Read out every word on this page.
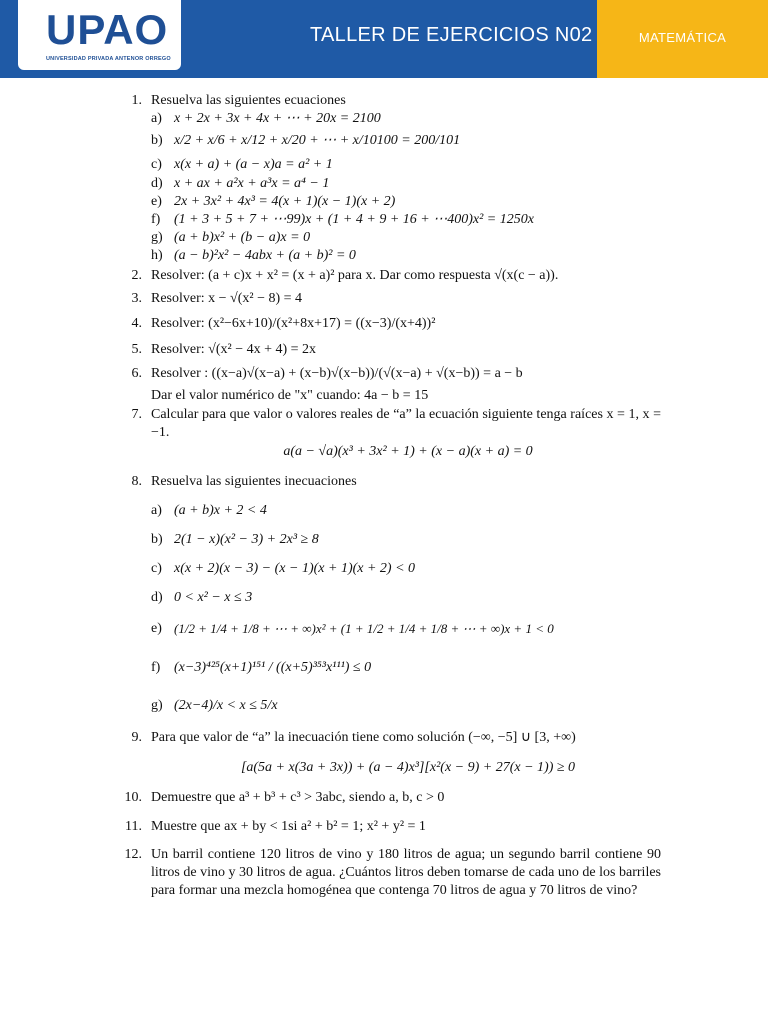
UPAO
UNIVERSIDAD PRIVADA ANTENOR ORREGO
TALLER DE EJERCICIOS N02	MATEMÁTICA
1. Resuelva las siguientes ecuaciones
a) x + 2x + 3x + 4x + ⋯ + 20x = 2100
b) x/2 + x/6 + x/12 + x/20 + ⋯ + x/10100 = 200/101
c) x(x + a) + (a − x)a = a² + 1
d) x + ax + a²x + a³x = a⁴ − 1
e) 2x + 3x² + 4x³ = 4(x + 1)(x − 1)(x + 2)
f) (1 + 3 + 5 + 7 + ⋯99)x + (1 + 4 + 9 + 16 + ⋯400)x² = 1250x
g) (a + b)x² + (b − a)x = 0
h) (a − b)²x² − 4abx + (a + b)² = 0
2. Resolver: (a + c)x + x² = (x + a)² para x. Dar como respuesta √(x(c − a)).
3. Resolver: x − √(x² − 8) = 4
4. Resolver: (x²−6x+10)/(x²+8x+17) = ((x−3)/(x+4))²
5. Resolver: √(x² − 4x + 4) = 2x
6. Resolver : ((x−a)√(x−a) + (x−b)√(x−b))/(√(x−a) + √(x−b)) = a − b
Dar el valor numérico de "x" cuando: 4a − b = 15
7. Calcular para que valor o valores reales de “a” la ecuación siguiente tenga raíces x = 1, x = −1.
a(a − √a)(x³ + 3x² + 1) + (x − a)(x + a) = 0
8. Resuelva las siguientes inecuaciones
a) (a + b)x + 2 < 4
b) 2(1 − x)(x² − 3) + 2x³ ≥ 8
c) x(x + 2)(x − 3) − (x − 1)(x + 1)(x + 2) < 0
d) 0 < x² − x ≤ 3
e) (1/2 + 1/4 + 1/8 + ⋯ + ∞)x² + (1 + 1/2 + 1/4 + 1/8 + ⋯ + ∞)x + 1 < 0
f) (x−3)⁴²⁵(x+1)¹⁵¹ / ((x+5)³⁵³x¹¹¹) ≤ 0
g) (2x−4)/x < x ≤ 5/x
9. Para que valor de “a” la inecuación tiene como solución (−∞, −5] ∪ [3, +∞)
[a(5a + x(3a + 3x)) + (a − 4)x³][x²(x − 9) + 27(x − 1)) ≥ 0
10. Demuestre que a³ + b³ + c³ > 3abc, siendo a, b, c > 0
11. Muestre que ax + by < 1si a² + b² = 1; x² + y² = 1
12. Un barril contiene 120 litros de vino y 180 litros de agua; un segundo barril contiene 90 litros de vino y 30 litros de agua. ¿Cuántos litros deben tomarse de cada uno de los barriles para formar una mezcla homogénea que contenga 70 litros de agua y 70 litros de vino?
